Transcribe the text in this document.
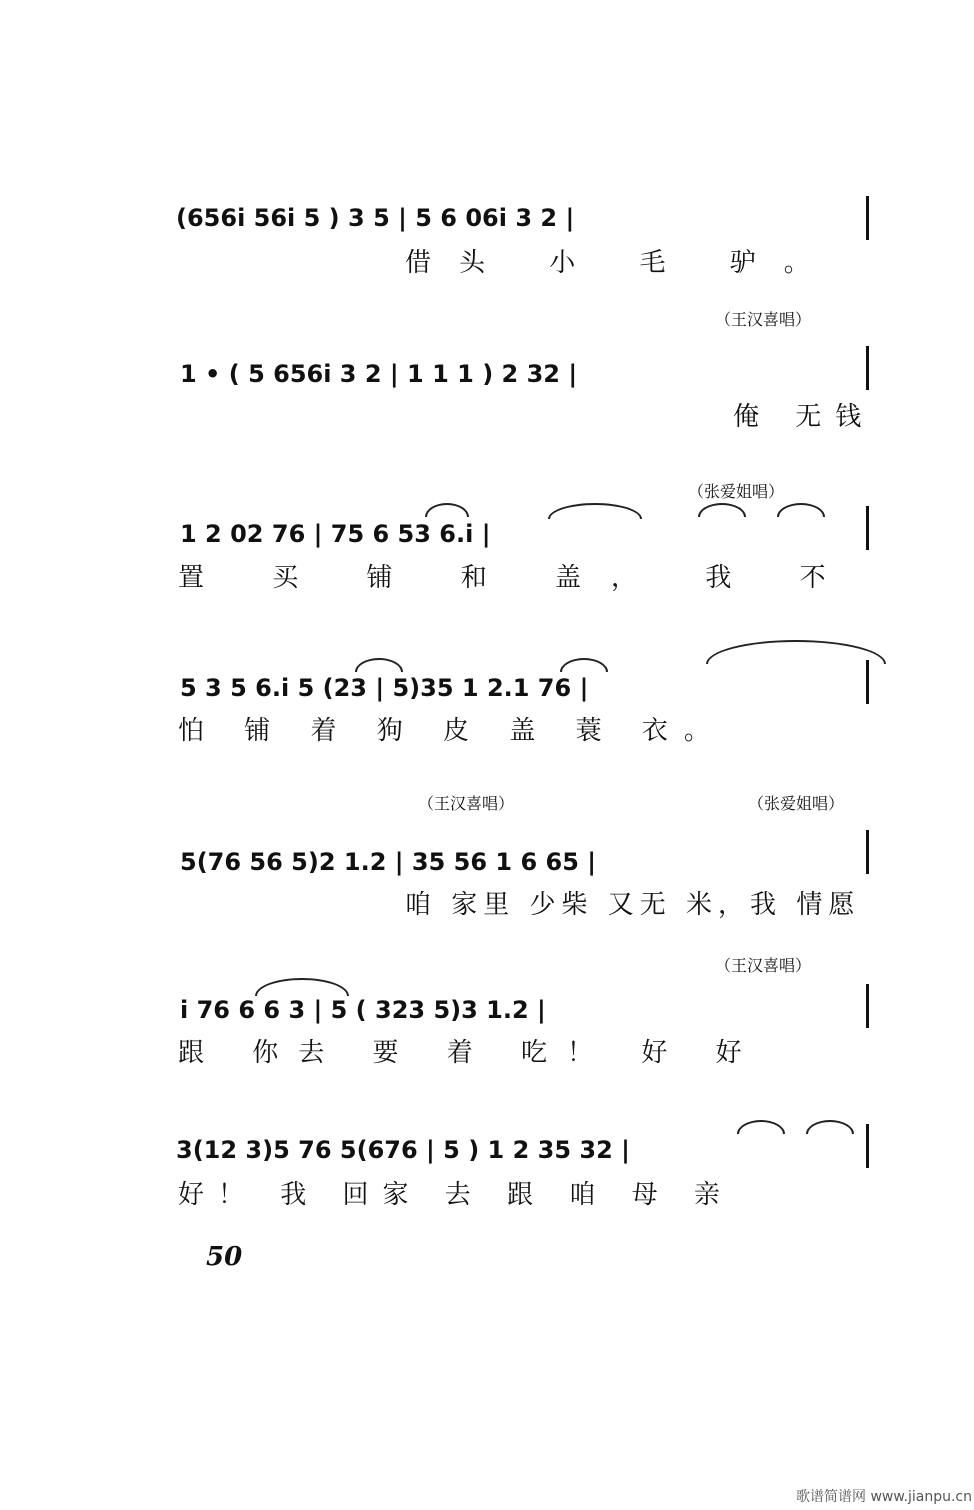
(656i 56i 5 ) 3 5 | 5 6 06i 3 2 |
借头 小 毛 驴。
（王汉喜唱）
1 • ( 5 656i 3 2 | 1 1 1 ) 2 32 |
俺 无钱
（张爱姐唱）
1 2 02 76 | 75 6 53 6.i |
置 买 铺 和 盖， 我 不
5 3 5 6.i 5 (23 | 5)35 1 2.1 76 |
怕 铺 着 狗 皮 盖 蓑 衣。
（王汉喜唱）	（张爱姐唱）
5(76 56 5)2 1.2 | 35 56 1 6 65 |
咱 家里 少柴 又无 米，我 情愿
（王汉喜唱）
i 76 6 6 3 | 5 ( 323 5)3 1.2 |
跟 你去 要 着 吃！ 好 好
3(12 3)5 76 5(676 | 5 ) 1 2 35 32 |
好！ 我 回家 去 跟 咱 母 亲
50
歌谱简谱网 www.jianpu.cn
